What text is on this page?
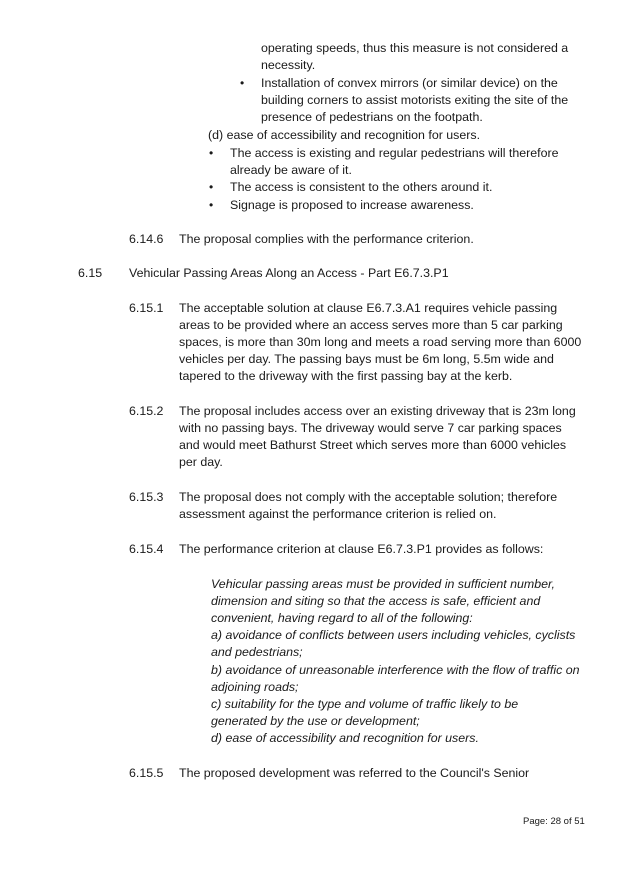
operating speeds, thus this measure is not considered a
necessity.
• Installation of convex mirrors (or similar device) on the
building corners to assist motorists exiting the site of the
presence of pedestrians on the footpath.
(d) ease of accessibility and recognition for users.
• The access is existing and regular pedestrians will therefore
already be aware of it.
• The access is consistent to the others around it.
• Signage is proposed to increase awareness.
6.14.6 The proposal complies with the performance criterion.
6.15 Vehicular Passing Areas Along an Access - Part E6.7.3.P1
6.15.1 The acceptable solution at clause E6.7.3.A1 requires vehicle passing
areas to be provided where an access serves more than 5 car parking
spaces, is more than 30m long and meets a road serving more than 6000
vehicles per day. The passing bays must be 6m long, 5.5m wide and
tapered to the driveway with the first passing bay at the kerb.
6.15.2 The proposal includes access over an existing driveway that is 23m long
with no passing bays. The driveway would serve 7 car parking spaces
and would meet Bathurst Street which serves more than 6000 vehicles
per day.
6.15.3 The proposal does not comply with the acceptable solution; therefore
assessment against the performance criterion is relied on.
6.15.4 The performance criterion at clause E6.7.3.P1 provides as follows:
Vehicular passing areas must be provided in sufficient number,
dimension and siting so that the access is safe, efficient and
convenient, having regard to all of the following:
a) avoidance of conflicts between users including vehicles, cyclists
and pedestrians;
b) avoidance of unreasonable interference with the flow of traffic on
adjoining roads;
c) suitability for the type and volume of traffic likely to be
generated by the use or development;
d) ease of accessibility and recognition for users.
6.15.5 The proposed development was referred to the Council's Senior
Page: 28 of 51
